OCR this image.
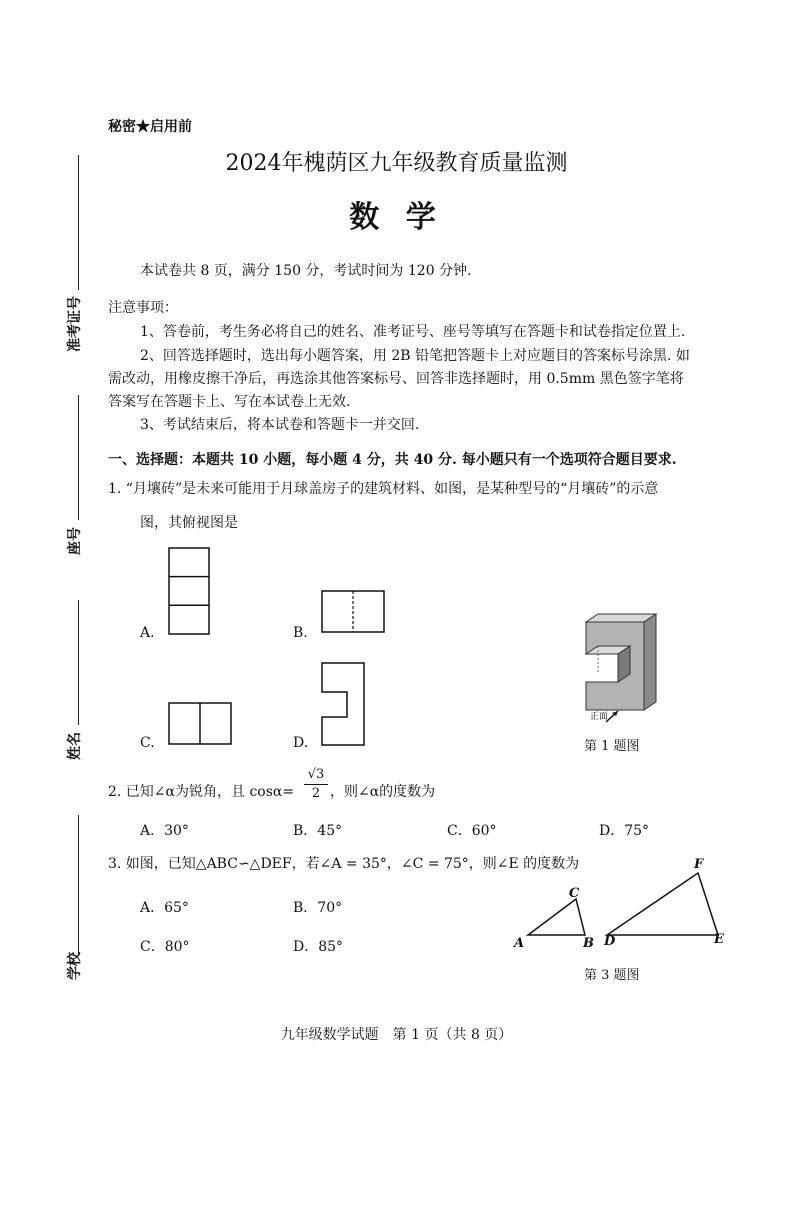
准考证号
座号
姓名
学校
秘密★启用前
2024年槐荫区九年级教育质量监测
数 学
本试卷共 8 页，满分 150 分，考试时间为 120 分钟.
注意事项：
1、答卷前，考生务必将自己的姓名、准考证号、座号等填写在答题卡和试卷指定位置上.
2、回答选择题时，选出每小题答案，用 2B 铅笔把答题卡上对应题目的答案标号涂黑. 如
需改动，用橡皮擦干净后，再选涂其他答案标号、回答非选择题时，用 0.5mm 黑色签字笔将
答案写在答题卡上、写在本试卷上无效.
3、考试结束后，将本试卷和答题卡一并交回.
一、选择题：本题共 10 小题，每小题 4 分，共 40 分. 每小题只有一个选项符合题目要求.
1. “月壤砖”是未来可能用于月球盖房子的建筑材料、如图，是某种型号的“月壤砖”的示意
图，其俯视图是
A.	B.
C.	D.
正面
第 1 题图
2. 已知∠α为锐角，且 $\cos\alpha= \frac{√3}{2}$ ，则∠α的度数为
A．30°	B．45°	C．60°	D．75°
3. 如图，已知△ABC∽△DEF，若∠A = 35°，∠C = 75°，则∠E 的度数为
A．65°	B．70°
C．80°	D．85°	A	B
C
D	E
F
第 3 题图
九年级数学试题　第 1 页（共 8 页）
